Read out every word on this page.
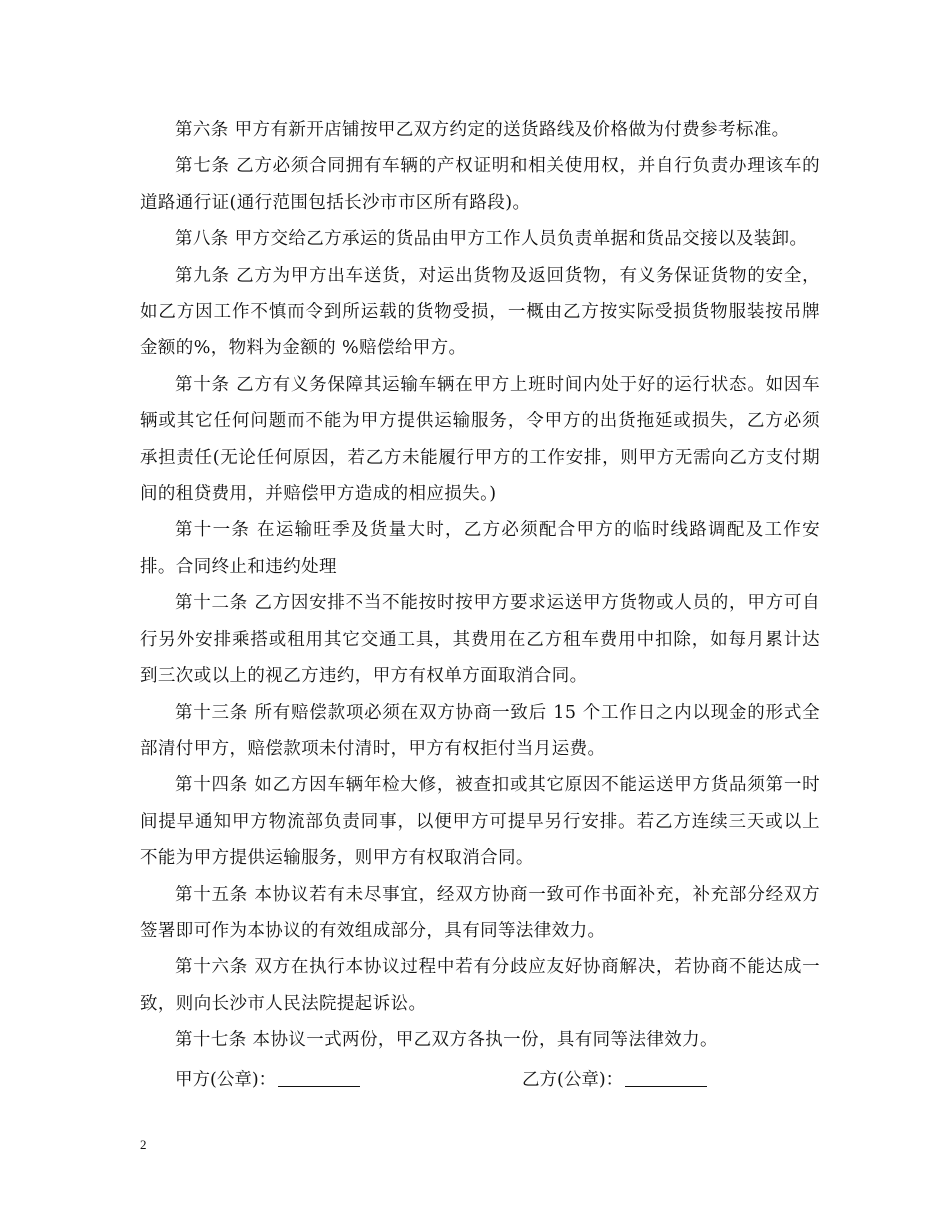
第六条 甲方有新开店铺按甲乙双方约定的送货路线及价格做为付费参考标准。

第七条 乙方必须合同拥有车辆的产权证明和相关使用权，并自行负责办理该车的道路通行证(通行范围包括长沙市市区所有路段)。

第八条 甲方交给乙方承运的货品由甲方工作人员负责单据和货品交接以及装卸。

第九条 乙方为甲方出车送货，对运出货物及返回货物，有义务保证货物的安全，如乙方因工作不慎而令到所运载的货物受损，一概由乙方按实际受损货物服装按吊牌金额的%，物料为金额的 %赔偿给甲方。

第十条 乙方有义务保障其运输车辆在甲方上班时间内处于好的运行状态。如因车辆或其它任何问题而不能为甲方提供运输服务，令甲方的出货拖延或损失，乙方必须承担责任(无论任何原因，若乙方未能履行甲方的工作安排，则甲方无需向乙方支付期间的租贷费用，并赔偿甲方造成的相应损失。)

第十一条 在运输旺季及货量大时，乙方必须配合甲方的临时线路调配及工作安排。合同终止和违约处理

第十二条 乙方因安排不当不能按时按甲方要求运送甲方货物或人员的，甲方可自行另外安排乘搭或租用其它交通工具，其费用在乙方租车费用中扣除，如每月累计达到三次或以上的视乙方违约，甲方有权单方面取消合同。

第十三条 所有赔偿款项必须在双方协商一致后 15 个工作日之内以现金的形式全部清付甲方，赔偿款项未付清时，甲方有权拒付当月运费。

第十四条 如乙方因车辆年检大修，被查扣或其它原因不能运送甲方货品须第一时间提早通知甲方物流部负责同事，以便甲方可提早另行安排。若乙方连续三天或以上不能为甲方提供运输服务，则甲方有权取消合同。

第十五条 本协议若有未尽事宜，经双方协商一致可作书面补充，补充部分经双方签署即可作为本协议的有效组成部分，具有同等法律效力。

第十六条 双方在执行本协议过程中若有分歧应友好协商解决，若协商不能达成一致，则向长沙市人民法院提起诉讼。

第十七条 本协议一式两份，甲乙双方各执一份，具有同等法律效力。

甲方(公章)：	乙方(公章)：
2
